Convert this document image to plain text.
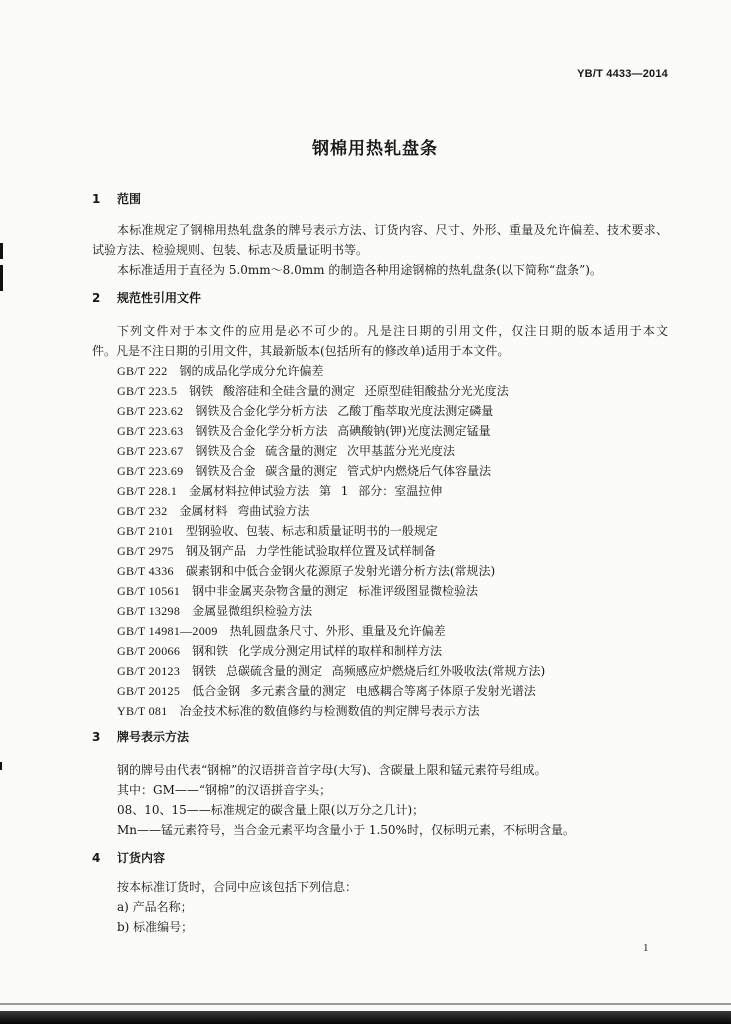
YB/T 4433—2014
钢棉用热轧盘条
1 范围
本标准规定了钢棉用热轧盘条的牌号表示方法、订货内容、尺寸、外形、重量及允许偏差、技术要求、
试验方法、检验规则、包装、标志及质量证明书等。
本标准适用于直径为 5.0mm～8.0mm 的制造各种用途钢棉的热轧盘条(以下简称“盘条”)。
2 规范性引用文件
下列文件对于本文件的应用是必不可少的。凡是注日期的引用文件，仅注日期的版本适用于本文
件。凡是不注日期的引用文件，其最新版本(包括所有的修改单)适用于本文件。
GB/T 222 钢的成品化学成分允许偏差
GB/T 223.5 钢铁 酸溶硅和全硅含量的测定 还原型硅钼酸盐分光光度法
GB/T 223.62 钢铁及合金化学分析方法 乙酸丁酯萃取光度法测定磷量
GB/T 223.63 钢铁及合金化学分析方法 高碘酸钠(钾)光度法测定锰量
GB/T 223.67 钢铁及合金 硫含量的测定 次甲基蓝分光光度法
GB/T 223.69 钢铁及合金 碳含量的测定 管式炉内燃烧后气体容量法
GB/T 228.1 金属材料拉伸试验方法 第 1 部分：室温拉伸
GB/T 232 金属材料 弯曲试验方法
GB/T 2101 型钢验收、包装、标志和质量证明书的一般规定
GB/T 2975 钢及钢产品 力学性能试验取样位置及试样制备
GB/T 4336 碳素钢和中低合金钢火花源原子发射光谱分析方法(常规法)
GB/T 10561 钢中非金属夹杂物含量的测定 标准评级图显微检验法
GB/T 13298 金属显微组织检验方法
GB/T 14981—2009 热轧圆盘条尺寸、外形、重量及允许偏差
GB/T 20066 钢和铁 化学成分测定用试样的取样和制样方法
GB/T 20123 钢铁 总碳硫含量的测定 高频感应炉燃烧后红外吸收法(常规方法)
GB/T 20125 低合金钢 多元素含量的测定 电感耦合等离子体原子发射光谱法
YB/T 081 冶金技术标准的数值修约与检测数值的判定牌号表示方法
3 牌号表示方法
钢的牌号由代表“钢棉”的汉语拼音首字母(大写)、含碳量上限和锰元素符号组成。
其中：GM——“钢棉”的汉语拼音字头；
08、10、15——标准规定的碳含量上限(以万分之几计)；
Mn——锰元素符号，当合金元素平均含量小于 1.50%时，仅标明元素，不标明含量。
4 订货内容
按本标准订货时，合同中应该包括下列信息：
a) 产品名称；
b) 标准编号；
1
